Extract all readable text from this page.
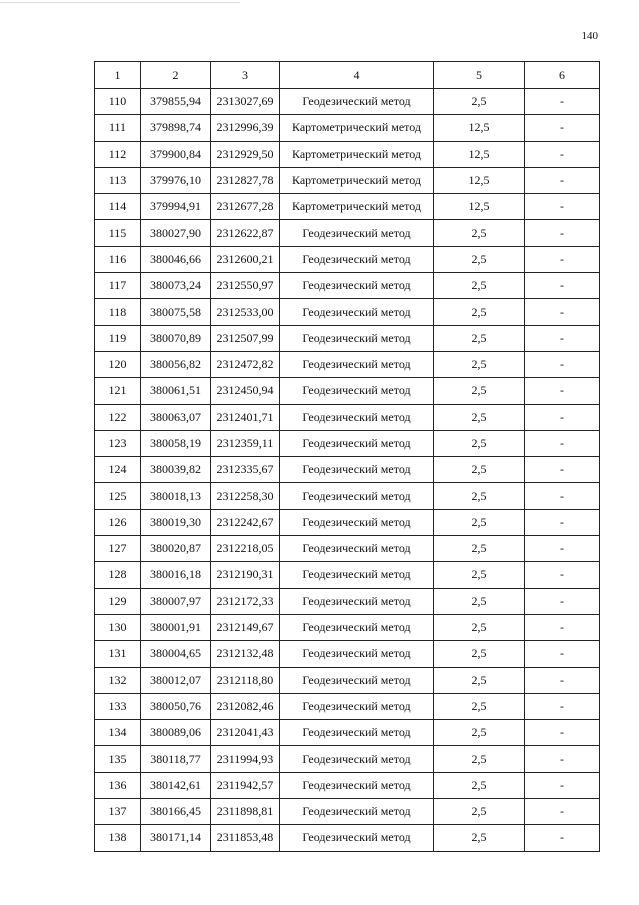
140
1	2	3	4	5	6
110	379855,94	2313027,69	Геодезический метод	2,5	-
111	379898,74	2312996,39	Картометрический метод	12,5	-
112	379900,84	2312929,50	Картометрический метод	12,5	-
113	379976,10	2312827,78	Картометрический метод	12,5	-
114	379994,91	2312677,28	Картометрический метод	12,5	-
115	380027,90	2312622,87	Геодезический метод	2,5	-
116	380046,66	2312600,21	Геодезический метод	2,5	-
117	380073,24	2312550,97	Геодезический метод	2,5	-
118	380075,58	2312533,00	Геодезический метод	2,5	-
119	380070,89	2312507,99	Геодезический метод	2,5	-
120	380056,82	2312472,82	Геодезический метод	2,5	-
121	380061,51	2312450,94	Геодезический метод	2,5	-
122	380063,07	2312401,71	Геодезический метод	2,5	-
123	380058,19	2312359,11	Геодезический метод	2,5	-
124	380039,82	2312335,67	Геодезический метод	2,5	-
125	380018,13	2312258,30	Геодезический метод	2,5	-
126	380019,30	2312242,67	Геодезический метод	2,5	-
127	380020,87	2312218,05	Геодезический метод	2,5	-
128	380016,18	2312190,31	Геодезический метод	2,5	-
129	380007,97	2312172,33	Геодезический метод	2,5	-
130	380001,91	2312149,67	Геодезический метод	2,5	-
131	380004,65	2312132,48	Геодезический метод	2,5	-
132	380012,07	2312118,80	Геодезический метод	2,5	-
133	380050,76	2312082,46	Геодезический метод	2,5	-
134	380089,06	2312041,43	Геодезический метод	2,5	-
135	380118,77	2311994,93	Геодезический метод	2,5	-
136	380142,61	2311942,57	Геодезический метод	2,5	-
137	380166,45	2311898,81	Геодезический метод	2,5	-
138	380171,14	2311853,48	Геодезический метод	2,5	-
